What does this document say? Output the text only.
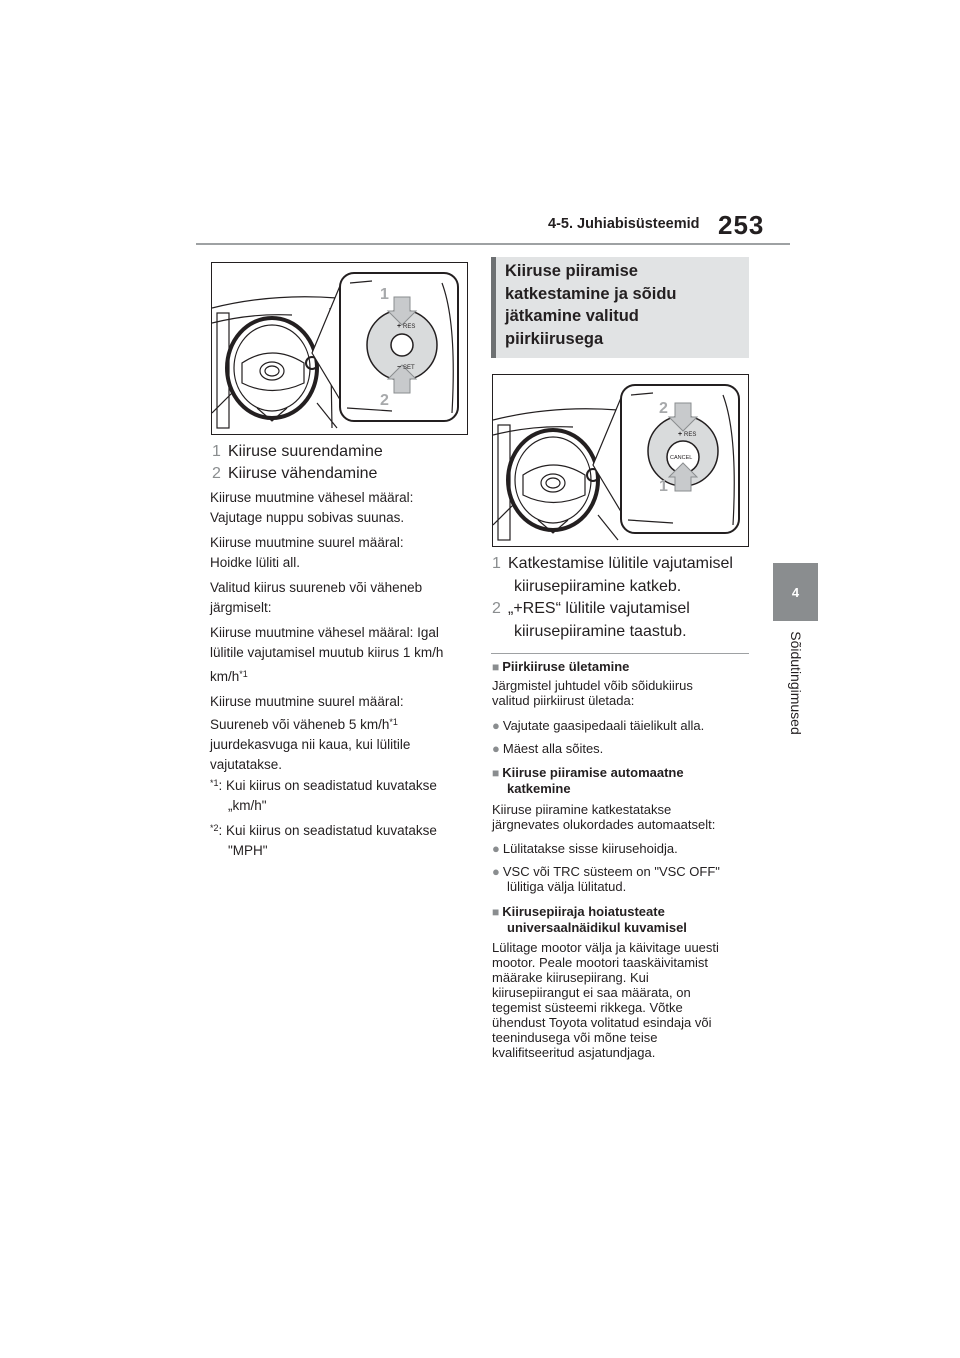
4-5. Juhiabisüsteemid 253
4
Sõidutingimused
+ RES
− SET
1
2
1 Kiiruse suurendamine
2 Kiiruse vähendamine
Kiiruse muutmine vähesel määral:
Vajutage nuppu sobivas suunas.
Kiiruse muutmine suurel määral:
Hoidke lüliti all.
Valitud kiirus suureneb või väheneb
järgmiselt:
Kiiruse muutmine vähesel määral: Igal
lülitile vajutamisel muutub kiirus 1 km/h
$km/h^{*1}$
Kiiruse muutmine suurel määral:
Suureneb või väheneb 5 $km/h^{*1}$
juurdekasvuga nii kaua, kui lülitile
vajutatakse.
$^{*1}$: Kui kiirus on seadistatud kuvatakse
„km/h"
$^{*2}$: Kui kiirus on seadistatud kuvatakse
"MPH"
Kiiruse piiramise
katkestamine ja sõidu
jätkamine valitud
piirkiirusega
+ RES
CANCEL
2
1
1 Katkestamise lülitile vajutamisel
kiirusepiiramine katkeb.
2 „+RES“ lülitile vajutamisel
kiirusepiiramine taastub.
■ Piirkiiruse ületamine
Järgmistel juhtudel võib sõidukiirus
valitud piirkiirust ületada:
● Vajutate gaasipedaali täielikult alla.
● Mäest alla sõites.
■ Kiiruse piiramise automaatne
katkemine
Kiiruse piiramine katkestatakse
järgnevates olukordades automaatselt:
● Lülitatakse sisse kiirusehoidja.
● VSC või TRC süsteem on "VSC OFF"
lülitiga välja lülitatud.
■ Kiirusepiiraja hoiatusteate
universaalnäidikul kuvamisel
Lülitage mootor välja ja käivitage uuesti
mootor. Peale mootori taaskäivitamist
määrake kiirusepiirang. Kui
kiirusepiirangut ei saa määrata, on
tegemist süsteemi rikkega. Võtke
ühendust Toyota volitatud esindaja või
teenindusega või mõne teise
kvalifitseeritud asjatundjaga.
